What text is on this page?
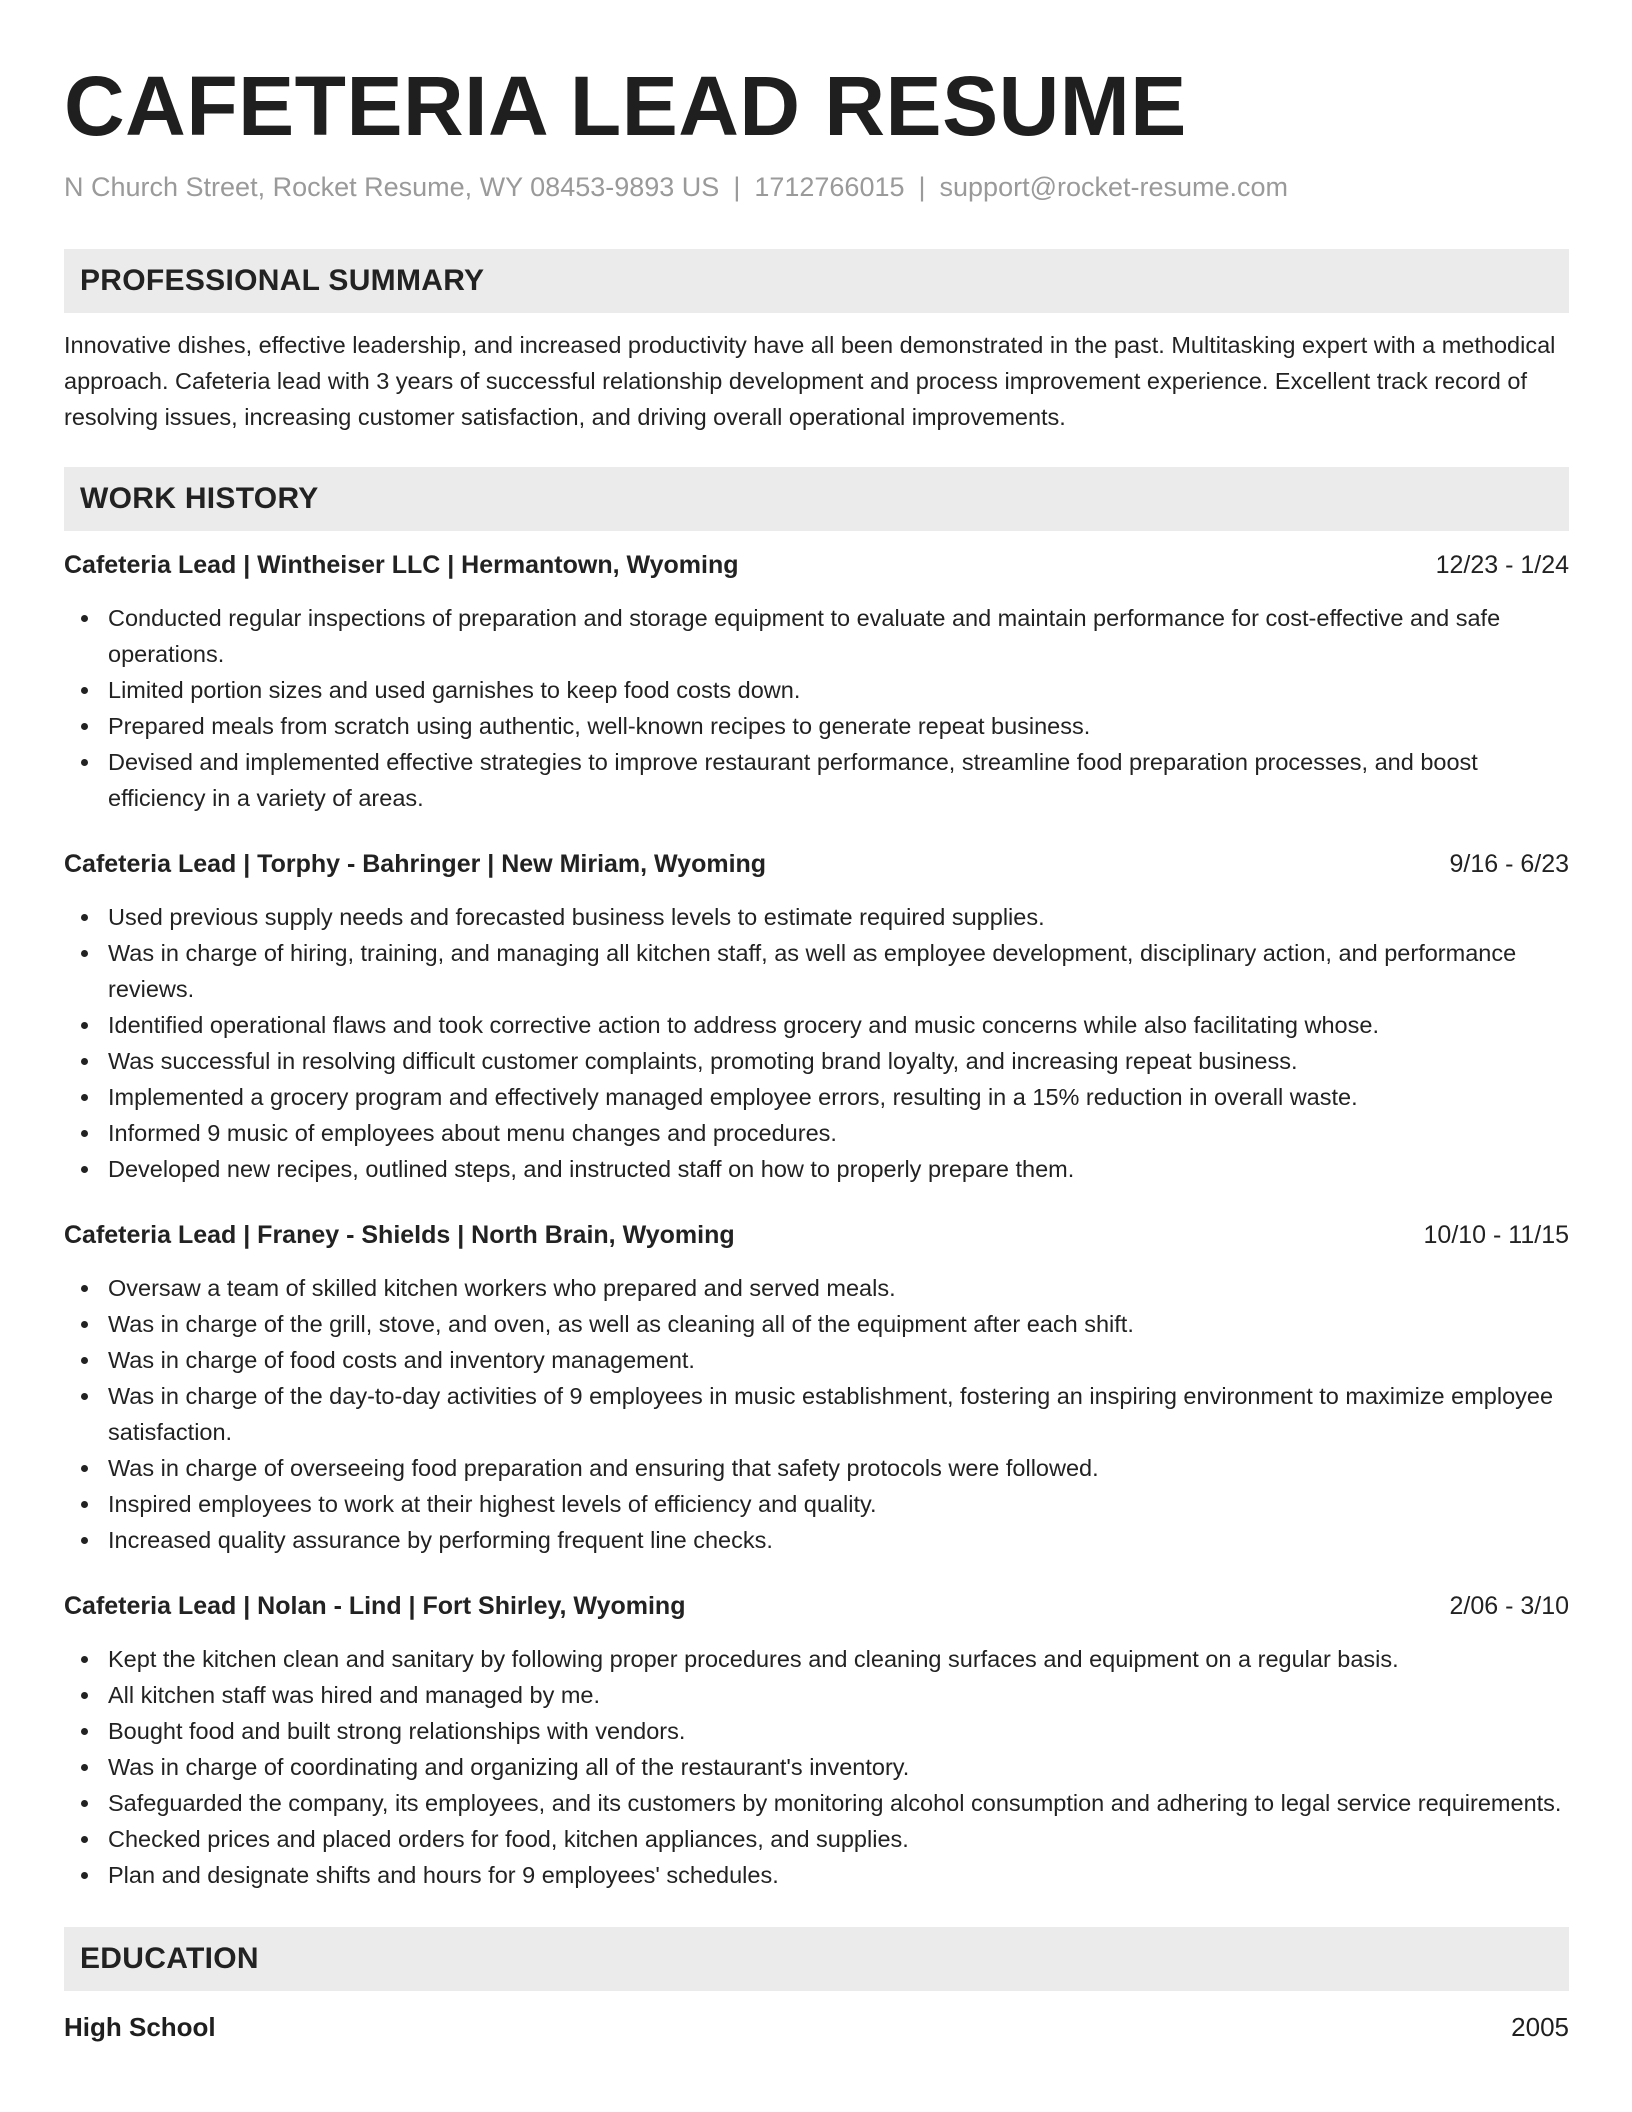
CAFETERIA LEAD RESUME
N Church Street, Rocket Resume, WY 08453-9893 US | 1712766015 | support@rocket-resume.com
PROFESSIONAL SUMMARY

Innovative dishes, effective leadership, and increased productivity have all been demonstrated in the past. Multitasking expert with a methodical approach. Cafeteria lead with 3 years of successful relationship development and process improvement experience. Excellent track record of resolving issues, increasing customer satisfaction, and driving overall operational improvements.

WORK HISTORY
Cafeteria Lead | Wintheiser LLC | Hermantown, Wyoming	12/23 - 1/24
Conducted regular inspections of preparation and storage equipment to evaluate and maintain performance for cost-effective and safe operations.
Limited portion sizes and used garnishes to keep food costs down.
Prepared meals from scratch using authentic, well-known recipes to generate repeat business.
Devised and implemented effective strategies to improve restaurant performance, streamline food preparation processes, and boost efficiency in a variety of areas.
Cafeteria Lead | Torphy - Bahringer | New Miriam, Wyoming	9/16 - 6/23
Used previous supply needs and forecasted business levels to estimate required supplies.
Was in charge of hiring, training, and managing all kitchen staff, as well as employee development, disciplinary action, and performance reviews.
Identified operational flaws and took corrective action to address grocery and music concerns while also facilitating whose.
Was successful in resolving difficult customer complaints, promoting brand loyalty, and increasing repeat business.
Implemented a grocery program and effectively managed employee errors, resulting in a 15% reduction in overall waste.
Informed 9 music of employees about menu changes and procedures.
Developed new recipes, outlined steps, and instructed staff on how to properly prepare them.
Cafeteria Lead | Franey - Shields | North Brain, Wyoming	10/10 - 11/15
Oversaw a team of skilled kitchen workers who prepared and served meals.
Was in charge of the grill, stove, and oven, as well as cleaning all of the equipment after each shift.
Was in charge of food costs and inventory management.
Was in charge of the day-to-day activities of 9 employees in music establishment, fostering an inspiring environment to maximize employee satisfaction.
Was in charge of overseeing food preparation and ensuring that safety protocols were followed.
Inspired employees to work at their highest levels of efficiency and quality.
Increased quality assurance by performing frequent line checks.
Cafeteria Lead | Nolan - Lind | Fort Shirley, Wyoming	2/06 - 3/10
Kept the kitchen clean and sanitary by following proper procedures and cleaning surfaces and equipment on a regular basis.
All kitchen staff was hired and managed by me.
Bought food and built strong relationships with vendors.
Was in charge of coordinating and organizing all of the restaurant's inventory.
Safeguarded the company, its employees, and its customers by monitoring alcohol consumption and adhering to legal service requirements.
Checked prices and placed orders for food, kitchen appliances, and supplies.
Plan and designate shifts and hours for 9 employees' schedules.
EDUCATION
High School	2005
